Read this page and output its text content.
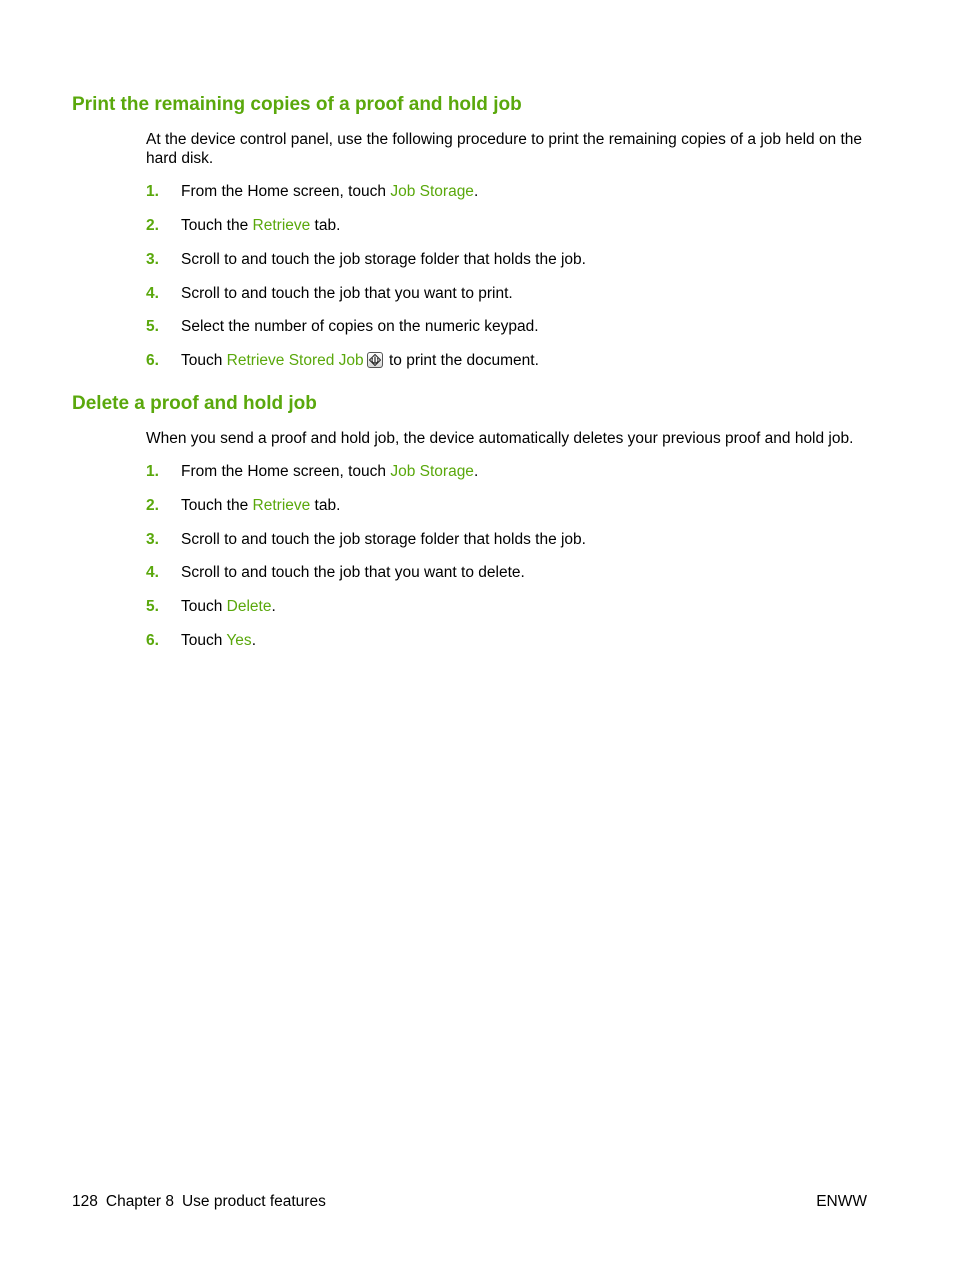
Print the remaining copies of a proof and hold job

At the device control panel, use the following procedure to print the remaining copies of a job held on the hard disk.

1. From the Home screen, touch Job Storage.
2. Touch the Retrieve tab.
3. Scroll to and touch the job storage folder that holds the job.
4. Scroll to and touch the job that you want to print.
5. Select the number of copies on the numeric keypad.
6. Touch Retrieve Stored Job
to print the document.
Delete a proof and hold job

When you send a proof and hold job, the device automatically deletes your previous proof and hold job.

1. From the Home screen, touch Job Storage.
2. Touch the Retrieve tab.
3. Scroll to and touch the job storage folder that holds the job.
4. Scroll to and touch the job that you want to delete.
5. Touch Delete.
6. Touch Yes.
128 Chapter 8 Use product features	ENWW
